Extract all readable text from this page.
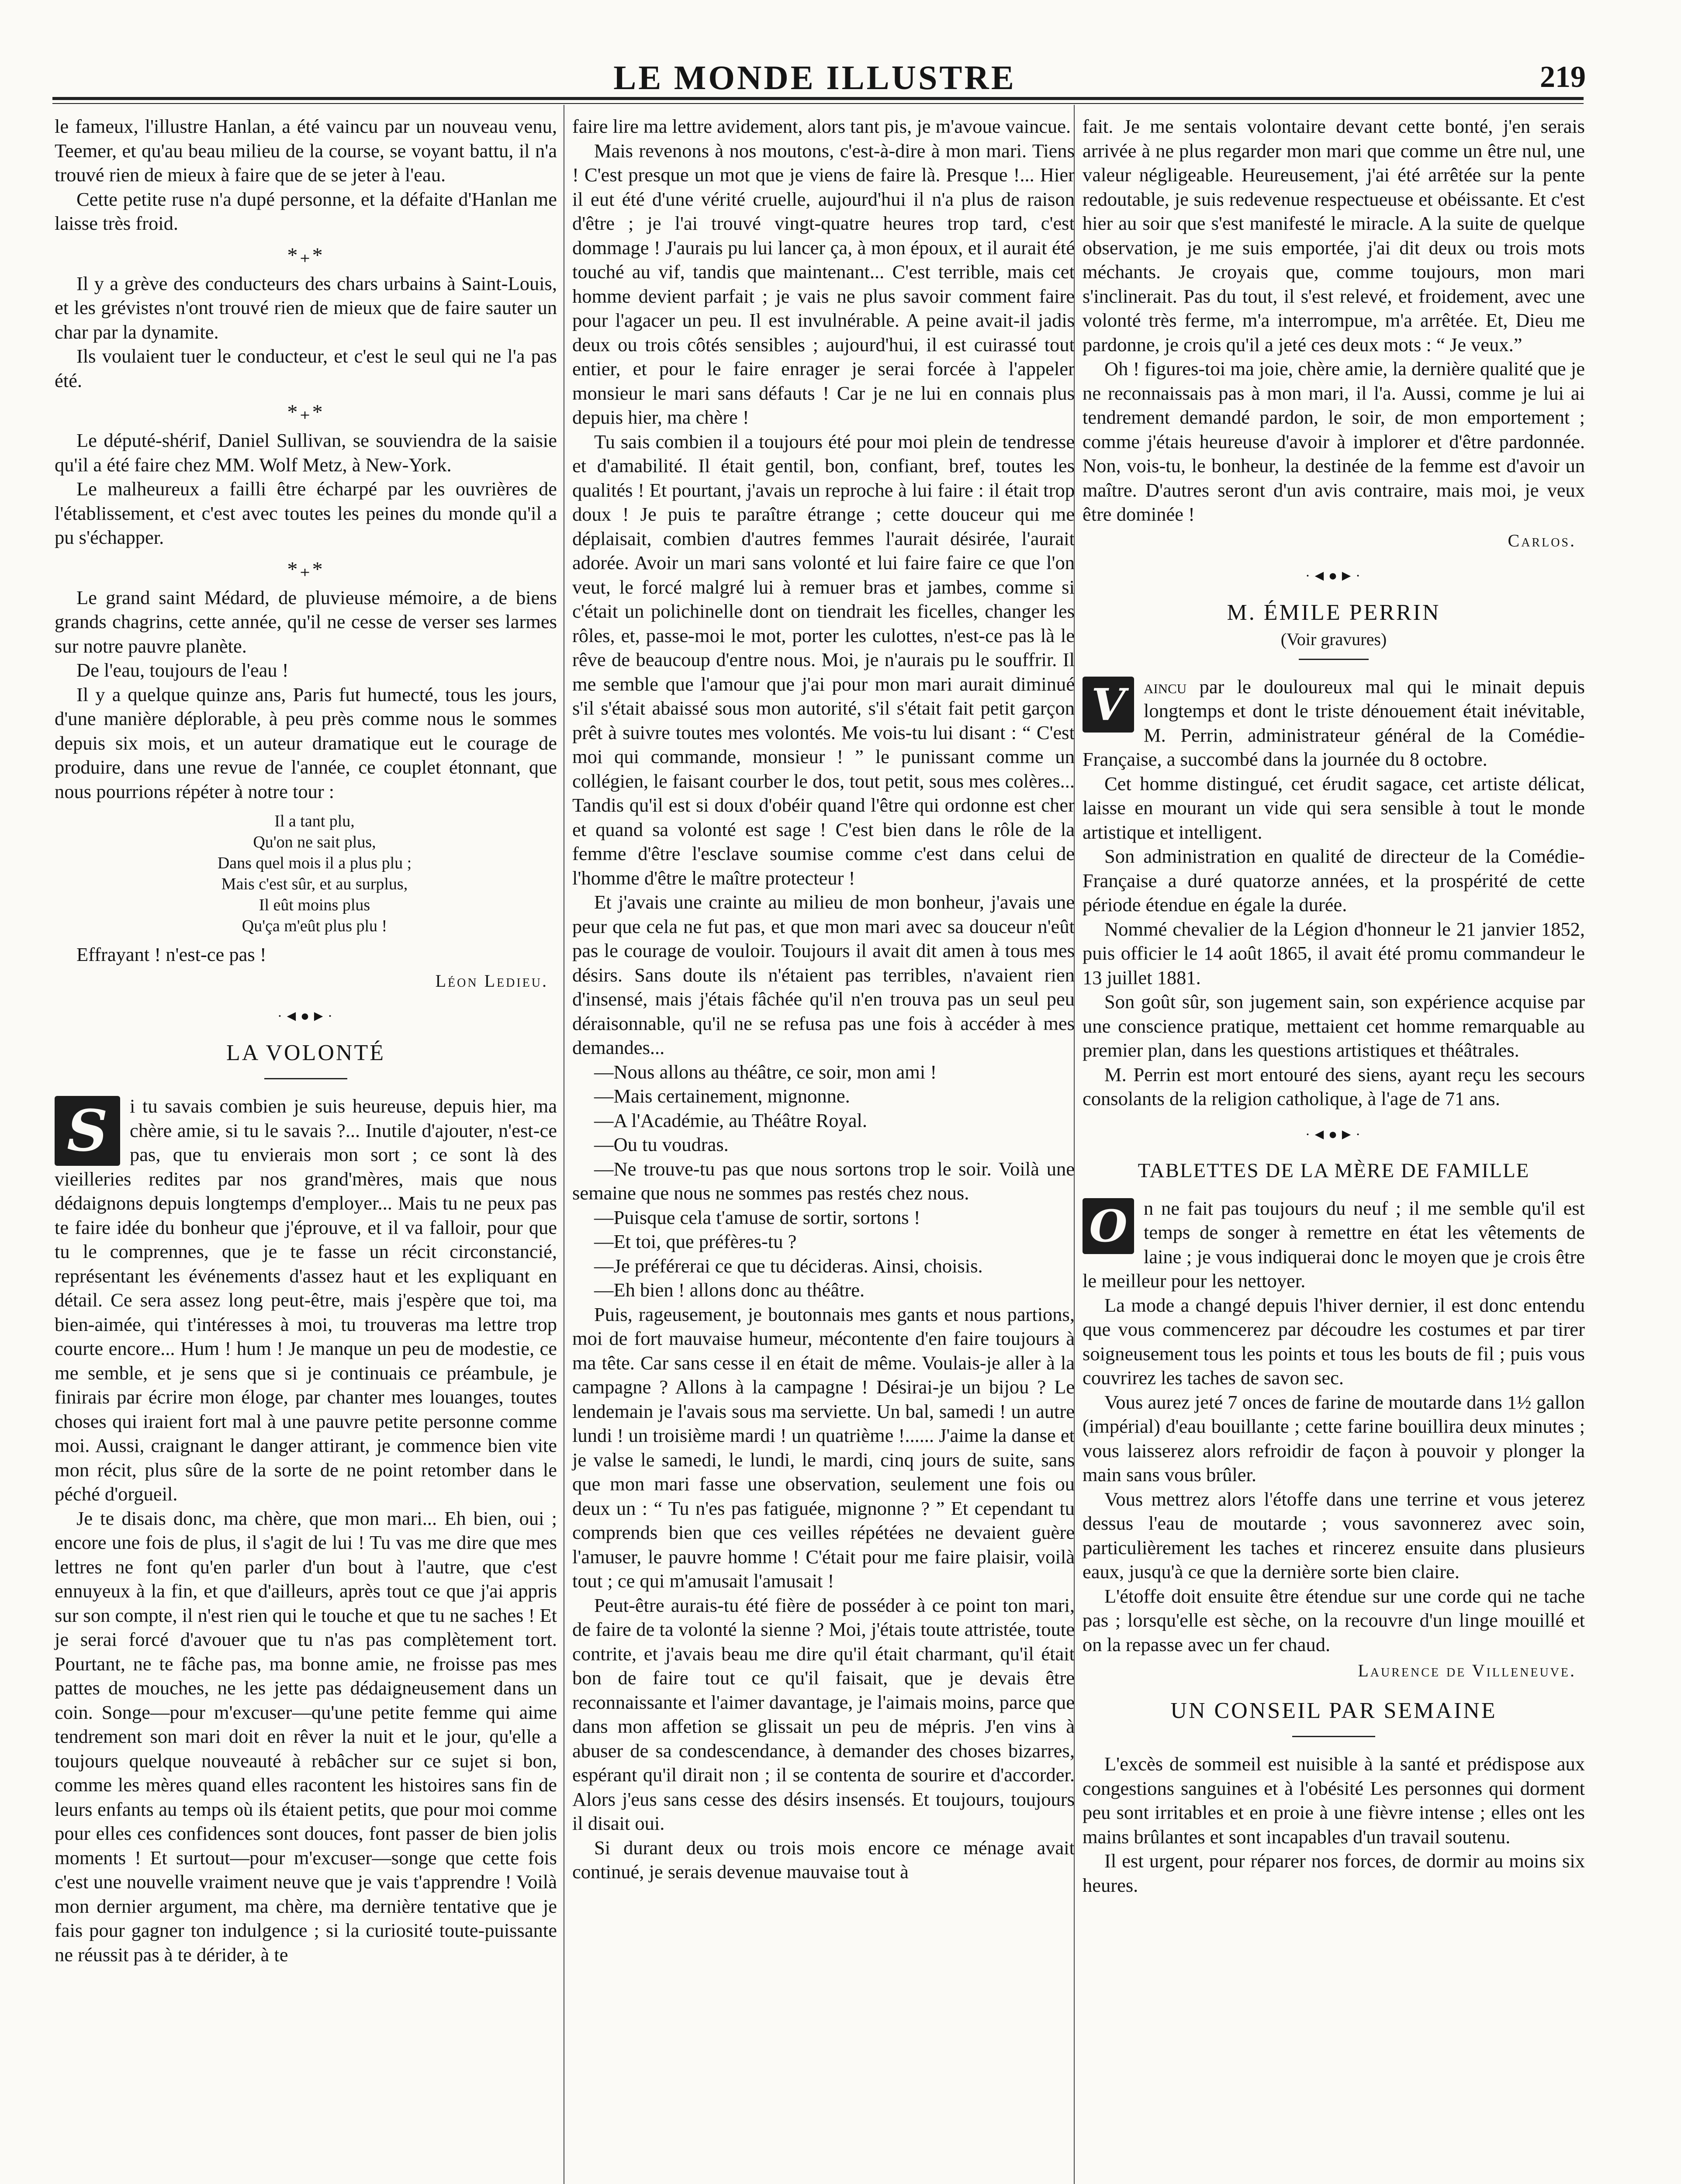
LE MONDE ILLUSTRE	219

le fameux, l'illustre Hanlan, a été vaincu par un nouveau venu, Teemer, et qu'au beau milieu de la course, se voyant battu, il n'a trouvé rien de mieux à faire que de se jeter à l'eau.

Cette petite ruse n'a dupé personne, et la défaite d'Hanlan me laisse très froid.

*₊*

Il y a grève des conducteurs des chars urbains à Saint-Louis, et les grévistes n'ont trouvé rien de mieux que de faire sauter un char par la dynamite.

Ils voulaient tuer le conducteur, et c'est le seul qui ne l'a pas été.

*₊*

Le député-shérif, Daniel Sullivan, se souviendra de la saisie qu'il a été faire chez MM. Wolf Metz, à New-York.

Le malheureux a failli être écharpé par les ouvrières de l'établissement, et c'est avec toutes les peines du monde qu'il a pu s'échapper.

*₊*

Le grand saint Médard, de pluvieuse mémoire, a de biens grands chagrins, cette année, qu'il ne cesse de verser ses larmes sur notre pauvre planète.

De l'eau, toujours de l'eau !

Il y a quelque quinze ans, Paris fut humecté, tous les jours, d'une manière déplorable, à peu près comme nous le sommes depuis six mois, et un auteur dramatique eut le courage de produire, dans une revue de l'année, ce couplet étonnant, que nous pourrions répéter à notre tour :

Il a tant plu,
Qu'on ne sait plus,
Dans quel mois il a plus plu ;
Mais c'est sûr, et au surplus,
Il eût moins plus
Qu'ça m'eût plus plu !

Effrayant ! n'est-ce pas !

Léon Ledieu.
·◄●►·
LA VOLONTÉ

S	i tu savais combien je suis heureuse, depuis hier, ma chère amie, si tu le savais ?... Inutile d'ajouter, n'est-ce pas, que tu envierais mon sort ; ce sont là des vieilleries redites par nos grand'mères, mais que nous dédaignons depuis longtemps d'employer... Mais tu ne peux pas te faire idée du bonheur que j'éprouve, et il va falloir, pour que tu le comprennes, que je te fasse un récit circonstancié, représentant les événements d'assez haut et les expliquant en détail. Ce sera assez long peut-être, mais j'espère que toi, ma bien-aimée, qui t'intéresses à moi, tu trouveras ma lettre trop courte encore... Hum ! hum ! Je manque un peu de modestie, ce me semble, et je sens que si je continuais ce préambule, je finirais par écrire mon éloge, par chanter mes louanges, toutes choses qui iraient fort mal à une pauvre petite personne comme moi. Aussi, craignant le danger attirant, je commence bien vite mon récit, plus sûre de la sorte de ne point retomber dans le péché d'orgueil.

Je te disais donc, ma chère, que mon mari... Eh bien, oui ; encore une fois de plus, il s'agit de lui ! Tu vas me dire que mes lettres ne font qu'en parler d'un bout à l'autre, que c'est ennuyeux à la fin, et que d'ailleurs, après tout ce que j'ai appris sur son compte, il n'est rien qui le touche et que tu ne saches ! Et je serai forcé d'avouer que tu n'as pas complètement tort. Pourtant, ne te fâche pas, ma bonne amie, ne froisse pas mes pattes de mouches, ne les jette pas dédaigneusement dans un coin. Songe—pour m'excuser—qu'une petite femme qui aime tendrement son mari doit en rêver la nuit et le jour, qu'elle a toujours quelque nouveauté à rebâcher sur ce sujet si bon, comme les mères quand elles racontent les histoires sans fin de leurs enfants au temps où ils étaient petits, que pour moi comme pour elles ces confidences sont douces, font passer de bien jolis moments ! Et surtout—pour m'excuser—songe que cette fois c'est une nouvelle vraiment neuve que je vais t'apprendre ! Voilà mon dernier argument, ma chère, ma dernière tentative que je fais pour gagner ton indulgence ; si la curiosité toute-puissante ne réussit pas à te dérider, à te

faire lire ma lettre avidement, alors tant pis, je m'avoue vaincue.

Mais revenons à nos moutons, c'est-à-dire à mon mari. Tiens ! C'est presque un mot que je viens de faire là. Presque !... Hier il eut été d'une vérité cruelle, aujourd'hui il n'a plus de raison d'être ; je l'ai trouvé vingt-quatre heures trop tard, c'est dommage ! J'aurais pu lui lancer ça, à mon époux, et il aurait été touché au vif, tandis que maintenant... C'est terrible, mais cet homme devient parfait ; je vais ne plus savoir comment faire pour l'agacer un peu. Il est invulnérable. A peine avait-il jadis deux ou trois côtés sensibles ; aujourd'hui, il est cuirassé tout entier, et pour le faire enrager je serai forcée à l'appeler monsieur le mari sans défauts ! Car je ne lui en connais plus depuis hier, ma chère !

Tu sais combien il a toujours été pour moi plein de tendresse et d'amabilité. Il était gentil, bon, confiant, bref, toutes les qualités ! Et pourtant, j'avais un reproche à lui faire : il était trop doux ! Je puis te paraître étrange ; cette douceur qui me déplaisait, combien d'autres femmes l'aurait désirée, l'aurait adorée. Avoir un mari sans volonté et lui faire faire ce que l'on veut, le forcé malgré lui à remuer bras et jambes, comme si c'était un polichinelle dont on tiendrait les ficelles, changer les rôles, et, passe-moi le mot, porter les culottes, n'est-ce pas là le rêve de beaucoup d'entre nous. Moi, je n'aurais pu le souffrir. Il me semble que l'amour que j'ai pour mon mari aurait diminué s'il s'était abaissé sous mon autorité, s'il s'était fait petit garçon prêt à suivre toutes mes volontés. Me vois-tu lui disant : “ C'est moi qui commande, monsieur ! ” le punissant comme un collégien, le faisant courber le dos, tout petit, sous mes colères... Tandis qu'il est si doux d'obéir quand l'être qui ordonne est cher et quand sa volonté est sage ! C'est bien dans le rôle de la femme d'être l'esclave soumise comme c'est dans celui de l'homme d'être le maître protecteur !

Et j'avais une crainte au milieu de mon bonheur, j'avais une peur que cela ne fut pas, et que mon mari avec sa douceur n'eût pas le courage de vouloir. Toujours il avait dit amen à tous mes désirs. Sans doute ils n'étaient pas terribles, n'avaient rien d'insensé, mais j'étais fâchée qu'il n'en trouva pas un seul peu déraisonnable, qu'il ne se refusa pas une fois à accéder à mes demandes...

—Nous allons au théâtre, ce soir, mon ami !

—Mais certainement, mignonne.

—A l'Académie, au Théâtre Royal.

—Ou tu voudras.

—Ne trouve-tu pas que nous sortons trop le soir. Voilà une semaine que nous ne sommes pas restés chez nous.

—Puisque cela t'amuse de sortir, sortons !

—Et toi, que préfères-tu ?

—Je préférerai ce que tu décideras. Ainsi, choisis.

—Eh bien ! allons donc au théâtre.

Puis, rageusement, je boutonnais mes gants et nous partions, moi de fort mauvaise humeur, mécontente d'en faire toujours à ma tête. Car sans cesse il en était de même. Voulais-je aller à la campagne ? Allons à la campagne ! Désirai-je un bijou ? Le lendemain je l'avais sous ma serviette. Un bal, samedi ! un autre lundi ! un troisième mardi ! un quatrième !...... J'aime la danse et je valse le samedi, le lundi, le mardi, cinq jours de suite, sans que mon mari fasse une observation, seulement une fois ou deux un : “ Tu n'es pas fatiguée, mignonne ? ” Et cependant tu comprends bien que ces veilles répétées ne devaient guère l'amuser, le pauvre homme ! C'était pour me faire plaisir, voilà tout ; ce qui m'amusait l'amusait !

Peut-être aurais-tu été fière de posséder à ce point ton mari, de faire de ta volonté la sienne ? Moi, j'étais toute attristée, toute contrite, et j'avais beau me dire qu'il était charmant, qu'il était bon de faire tout ce qu'il faisait, que je devais être reconnaissante et l'aimer davantage, je l'aimais moins, parce que dans mon affetion se glissait un peu de mépris. J'en vins à abuser de sa condescendance, à demander des choses bizarres, espérant qu'il dirait non ; il se contenta de sourire et d'accorder. Alors j'eus sans cesse des désirs insensés. Et toujours, toujours il disait oui.

Si durant deux ou trois mois encore ce ménage avait continué, je serais devenue mauvaise tout à

fait. Je me sentais volontaire devant cette bonté, j'en serais arrivée à ne plus regarder mon mari que comme un être nul, une valeur négligeable. Heureusement, j'ai été arrêtée sur la pente redoutable, je suis redevenue respectueuse et obéissante. Et c'est hier au soir que s'est manifesté le miracle. A la suite de quelque observation, je me suis emportée, j'ai dit deux ou trois mots méchants. Je croyais que, comme toujours, mon mari s'inclinerait. Pas du tout, il s'est relevé, et froidement, avec une volonté très ferme, m'a interrompue, m'a arrêtée. Et, Dieu me pardonne, je crois qu'il a jeté ces deux mots : “ Je veux.”

Oh ! figures-toi ma joie, chère amie, la dernière qualité que je ne reconnaissais pas à mon mari, il l'a. Aussi, comme je lui ai tendrement demandé pardon, le soir, de mon emportement ; comme j'étais heureuse d'avoir à implorer et d'être pardonnée. Non, vois-tu, le bonheur, la destinée de la femme est d'avoir un maître. D'autres seront d'un avis contraire, mais moi, je veux être dominée !

Carlos.
·◄●►·
M. ÉMILE PERRIN
(Voir gravures)

V aincu par le douloureux mal qui le minait depuis longtemps et dont le triste dénouement était inévitable, M. Perrin, administrateur général de la Comédie-Française, a succombé dans la journée du 8 octobre.

Cet homme distingué, cet érudit sagace, cet artiste délicat, laisse en mourant un vide qui sera sensible à tout le monde artistique et intelligent.

Son administration en qualité de directeur de la Comédie-Française a duré quatorze années, et la prospérité de cette période étendue en égale la durée.

Nommé chevalier de la Légion d'honneur le 21 janvier 1852, puis officier le 14 août 1865, il avait été promu commandeur le 13 juillet 1881.

Son goût sûr, son jugement sain, son expérience acquise par une conscience pratique, mettaient cet homme remarquable au premier plan, dans les questions artistiques et théâtrales.

M. Perrin est mort entouré des siens, ayant reçu les secours consolants de la religion catholique, à l'age de 71 ans.

·◄●►·
TABLETTES DE LA MÈRE DE FAMILLE

O n ne fait pas toujours du neuf ; il me semble qu'il est temps de songer à remettre en état les vêtements de laine ; je vous indiquerai donc le moyen que je crois être le meilleur pour les nettoyer.

La mode a changé depuis l'hiver dernier, il est donc entendu que vous commencerez par découdre les costumes et par tirer soigneusement tous les points et tous les bouts de fil ; puis vous couvrirez les taches de savon sec.

Vous aurez jeté 7 onces de farine de moutarde dans 1½ gallon (impérial) d'eau bouillante ; cette farine bouillira deux minutes ; vous laisserez alors refroidir de façon à pouvoir y plonger la main sans vous brûler.

Vous mettrez alors l'étoffe dans une terrine et vous jeterez dessus l'eau de moutarde ; vous savonnerez avec soin, particulièrement les taches et rincerez ensuite dans plusieurs eaux, jusqu'à ce que la dernière sorte bien claire.

L'étoffe doit ensuite être étendue sur une corde qui ne tache pas ; lorsqu'elle est sèche, on la recouvre d'un linge mouillé et on la repasse avec un fer chaud.

Laurence de Villeneuve.
UN CONSEIL PAR SEMAINE

L'excès de sommeil est nuisible à la santé et prédispose aux congestions sanguines et à l'obésité Les personnes qui dorment peu sont irritables et en proie à une fièvre intense ; elles ont les mains brûlantes et sont incapables d'un travail soutenu.

Il est urgent, pour réparer nos forces, de dormir au moins six heures.
